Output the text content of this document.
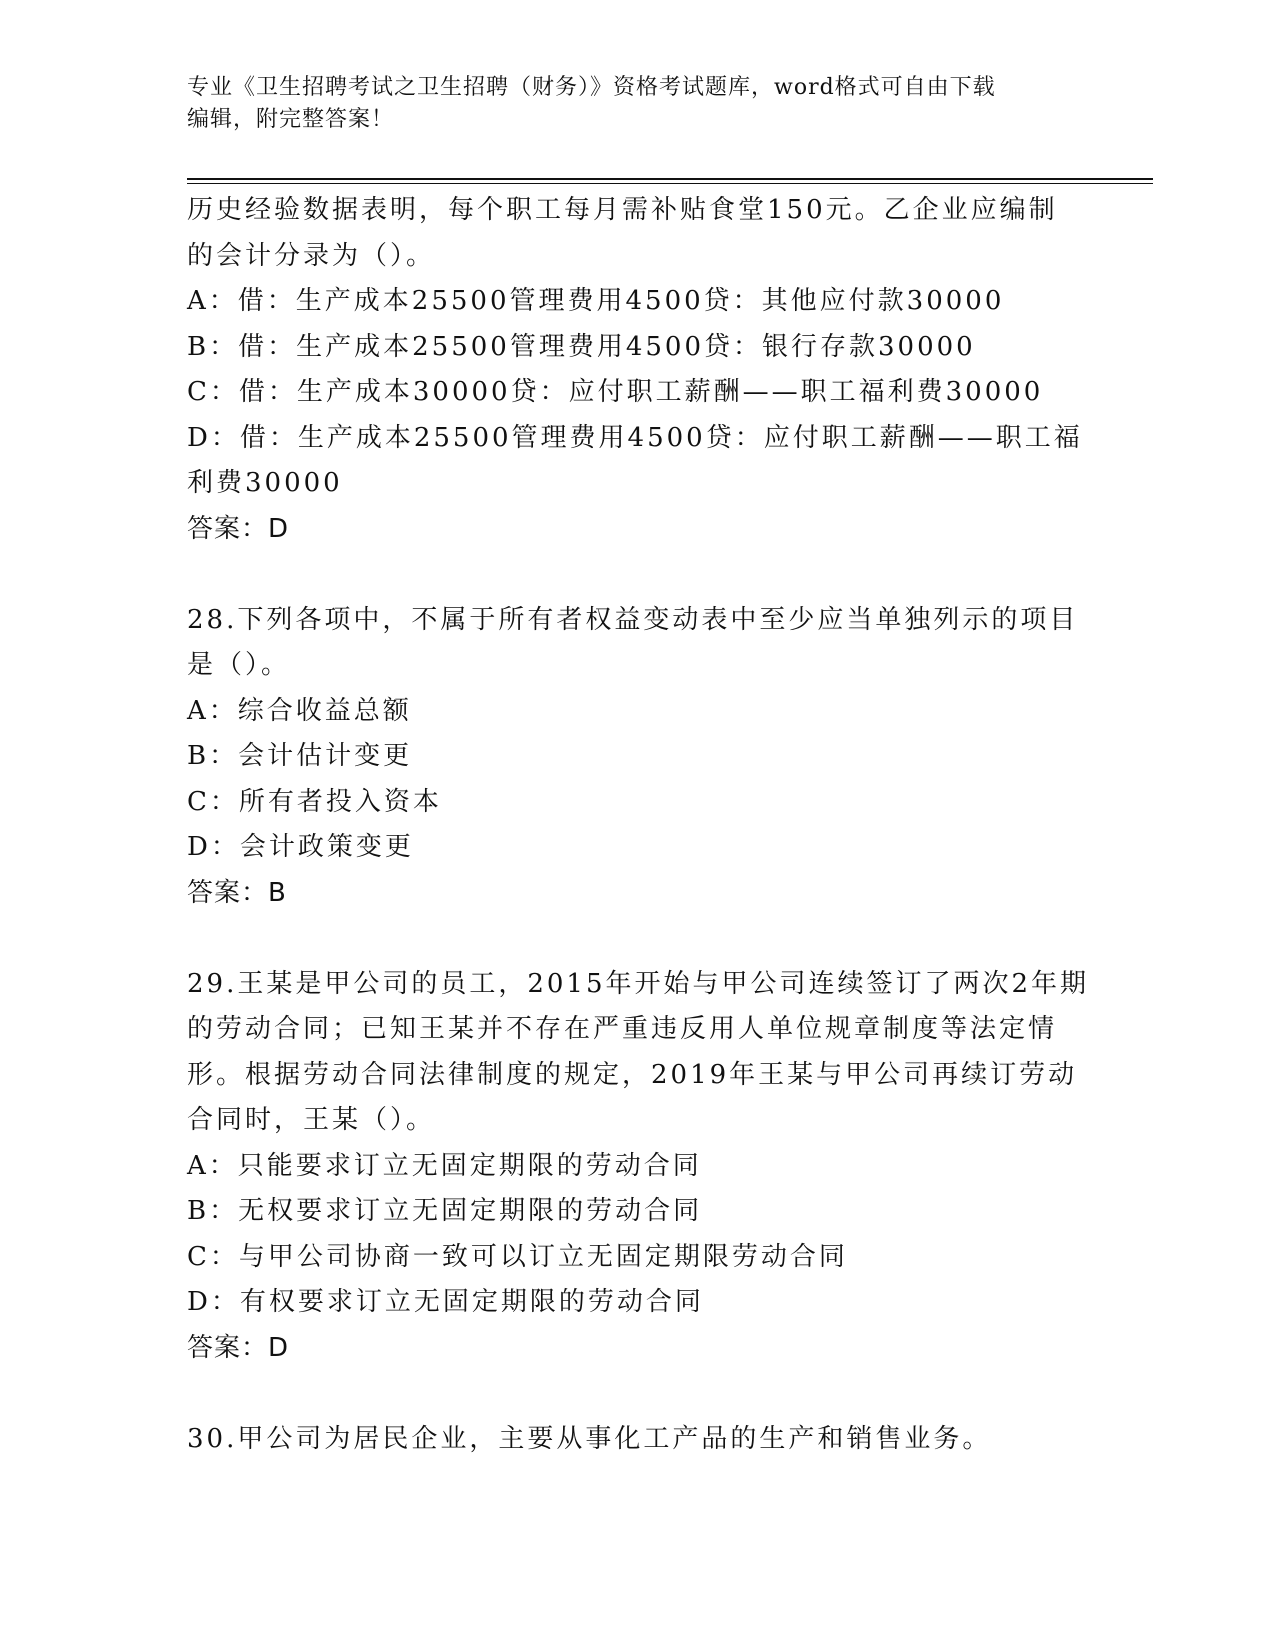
专业《卫生招聘考试之卫生招聘（财务）》资格考试题库，word格式可自由下载
编辑，附完整答案！
历史经验数据表明，每个职工每月需补贴食堂150元。乙企业应编制
的会计分录为（）。
A：借：生产成本25500管理费用4500贷：其他应付款30000
B：借：生产成本25500管理费用4500贷：银行存款30000
C：借：生产成本30000贷：应付职工薪酬——职工福利费30000
D：借：生产成本25500管理费用4500贷：应付职工薪酬——职工福
利费30000
答案：D
28.下列各项中，不属于所有者权益变动表中至少应当单独列示的项目
是（）。
A：综合收益总额
B：会计估计变更
C：所有者投入资本
D：会计政策变更
答案：B
29.王某是甲公司的员工，2015年开始与甲公司连续签订了两次2年期
的劳动合同；已知王某并不存在严重违反用人单位规章制度等法定情
形。根据劳动合同法律制度的规定，2019年王某与甲公司再续订劳动
合同时，王某（）。
A：只能要求订立无固定期限的劳动合同
B：无权要求订立无固定期限的劳动合同
C：与甲公司协商一致可以订立无固定期限劳动合同
D：有权要求订立无固定期限的劳动合同
答案：D
30.甲公司为居民企业，主要从事化工产品的生产和销售业务。
